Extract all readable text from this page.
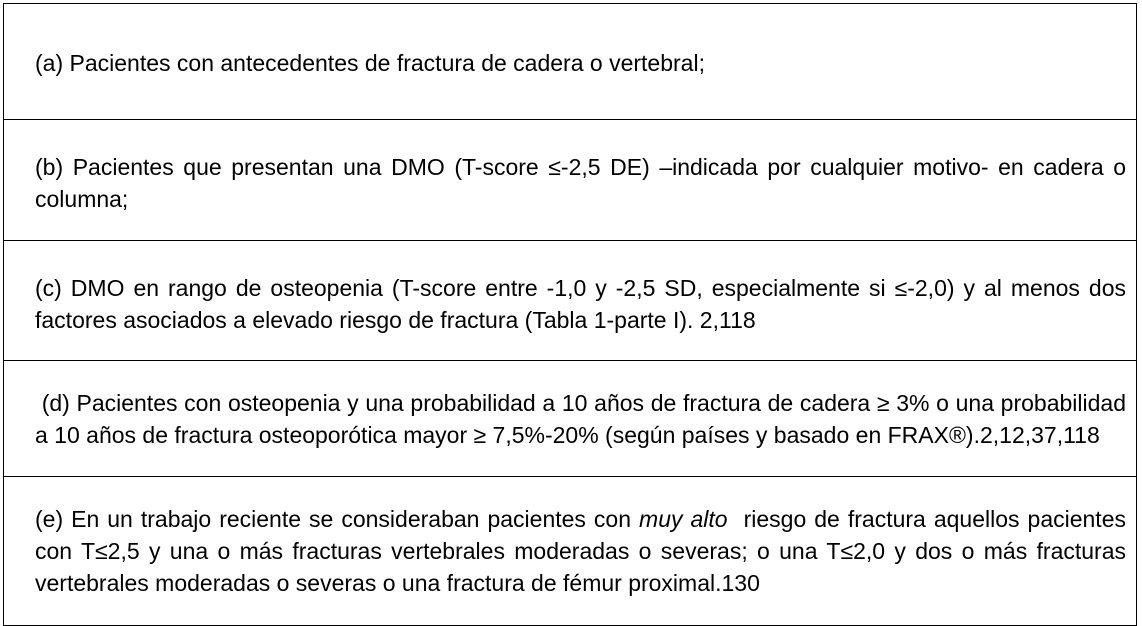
(a) Pacientes con antecedentes de fractura de cadera o vertebral;
(b) Pacientes que presentan una DMO (T-score ≤-2,5 DE) –indicada por cualquier motivo- en cadera o columna;
(c) DMO en rango de osteopenia (T-score entre -1,0 y -2,5 SD, especialmente si ≤-2,0) y al menos dos factores asociados a elevado riesgo de fractura (Tabla 1-parte I). 2,118
(d) Pacientes con osteopenia y una probabilidad a 10 años de fractura de cadera ≥ 3% o una probabilidad a 10 años de fractura osteoporótica mayor ≥ 7,5%-20% (según países y basado en FRAX®).2,12,37,118
(e) En un trabajo reciente se consideraban pacientes con muy alto  riesgo de fractura aquellos pacientes con T≤2,5 y una o más fracturas vertebrales moderadas o severas; o una T≤2,0 y dos o más fracturas vertebrales moderadas o severas o una fractura de fémur proximal.130
